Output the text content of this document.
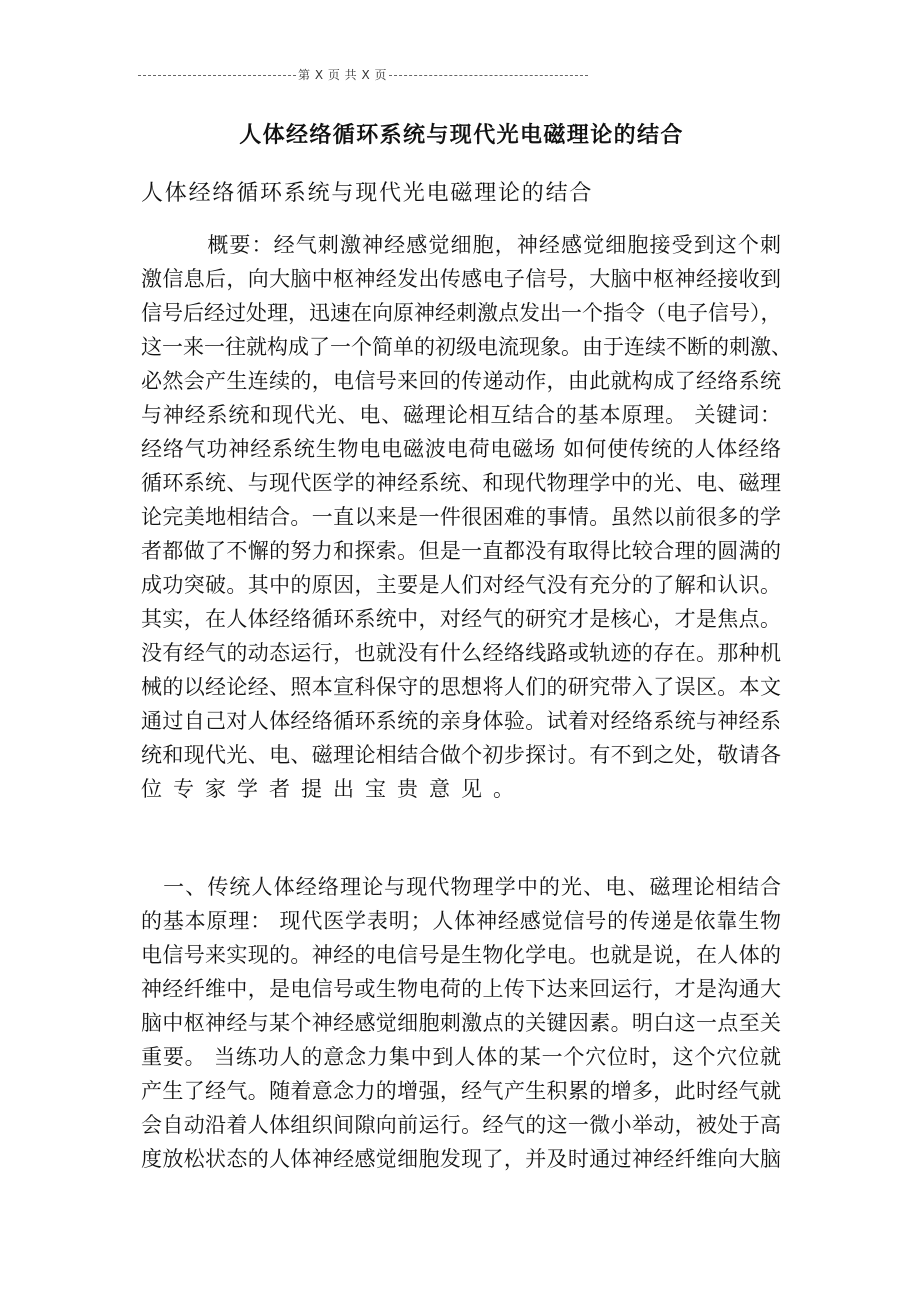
第 X 页 共 X 页
人体经络循环系统与现代光电磁理论的结合
人体经络循环系统与现代光电磁理论的结合
　　　概要：经气刺激神经感觉细胞，神经感觉细胞接受到这个刺
激信息后，向大脑中枢神经发出传感电子信号，大脑中枢神经接收到
信号后经过处理，迅速在向原神经刺激点发出一个指令（电子信号），
这一来一往就构成了一个简单的初级电流现象。由于连续不断的刺激、
必然会产生连续的，电信号来回的传递动作，由此就构成了经络系统
与神经系统和现代光、电、磁理论相互结合的基本原理。 关键词：
经络气功神经系统生物电电磁波电荷电磁场 如何使传统的人体经络
循环系统、与现代医学的神经系统、和现代物理学中的光、电、磁理
论完美地相结合。一直以来是一件很困难的事情。虽然以前很多的学
者都做了不懈的努力和探索。但是一直都没有取得比较合理的圆满的
成功突破。其中的原因，主要是人们对经气没有充分的了解和认识。
其实，在人体经络循环系统中，对经气的研究才是核心，才是焦点。
没有经气的动态运行，也就没有什么经络线路或轨迹的存在。那种机
械的以经论经、照本宣科保守的思想将人们的研究带入了误区。本文
通过自己对人体经络循环系统的亲身体验。试着对经络系统与神经系
统和现代光、电、磁理论相结合做个初步探讨。有不到之处，敬请各
位专家学者提出宝贵意见。
　一、传统人体经络理论与现代物理学中的光、电、磁理论相结合
的基本原理： 现代医学表明；人体神经感觉信号的传递是依靠生物
电信号来实现的。神经的电信号是生物化学电。也就是说，在人体的
神经纤维中，是电信号或生物电荷的上传下达来回运行，才是沟通大
脑中枢神经与某个神经感觉细胞刺激点的关键因素。明白这一点至关
重要。 当练功人的意念力集中到人体的某一个穴位时，这个穴位就
产生了经气。随着意念力的增强，经气产生积累的增多，此时经气就
会自动沿着人体组织间隙向前运行。经气的这一微小举动，被处于高
度放松状态的人体神经感觉细胞发现了，并及时通过神经纤维向大脑
